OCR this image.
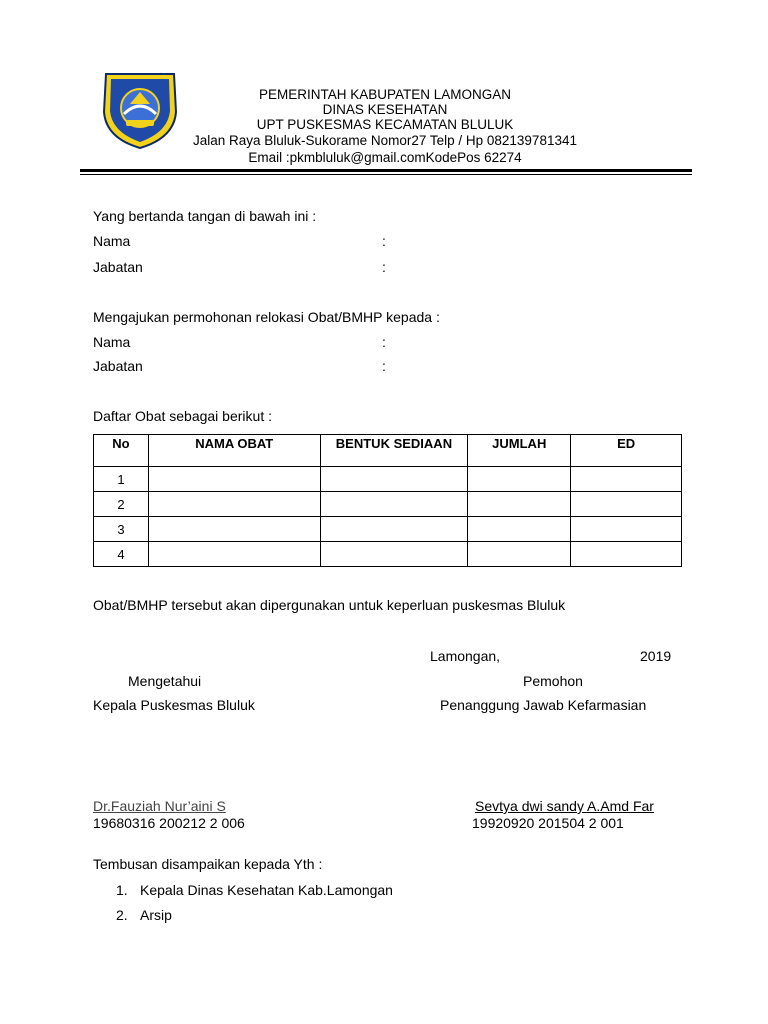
PEMERINTAH KABUPATEN LAMONGAN
DINAS KESEHATAN
UPT PUSKESMAS KECAMATAN BLULUK
Jalan Raya Bluluk-Sukorame Nomor27 Telp / Hp 082139781341
Email :pkmbluluk@gmail.comKodePos 62274
Yang bertanda tangan di bawah ini :
Nama	:
Jabatan	:
Mengajukan permohonan relokasi Obat/BMHP kepada :
Nama	:
Jabatan	:
Daftar Obat sebagai berikut :
No	NAMA OBAT	BENTUK SEDIAAN	JUMLAH	ED
1				
2				
3				
4				
Obat/BMHP tersebut akan dipergunakan untuk keperluan puskesmas Bluluk
Lamongan,	2019
Mengetahui	Pemohon
Kepala Puskesmas Bluluk	Penanggung Jawab Kefarmasian
Dr.Fauziah Nur’aini S
19680316 200212 2 006
Sevtya dwi sandy A.Amd Far
19920920 201504 2 001
Tembusan disampaikan kepada Yth :
1. Kepala Dinas Kesehatan Kab.Lamongan
2. Arsip
